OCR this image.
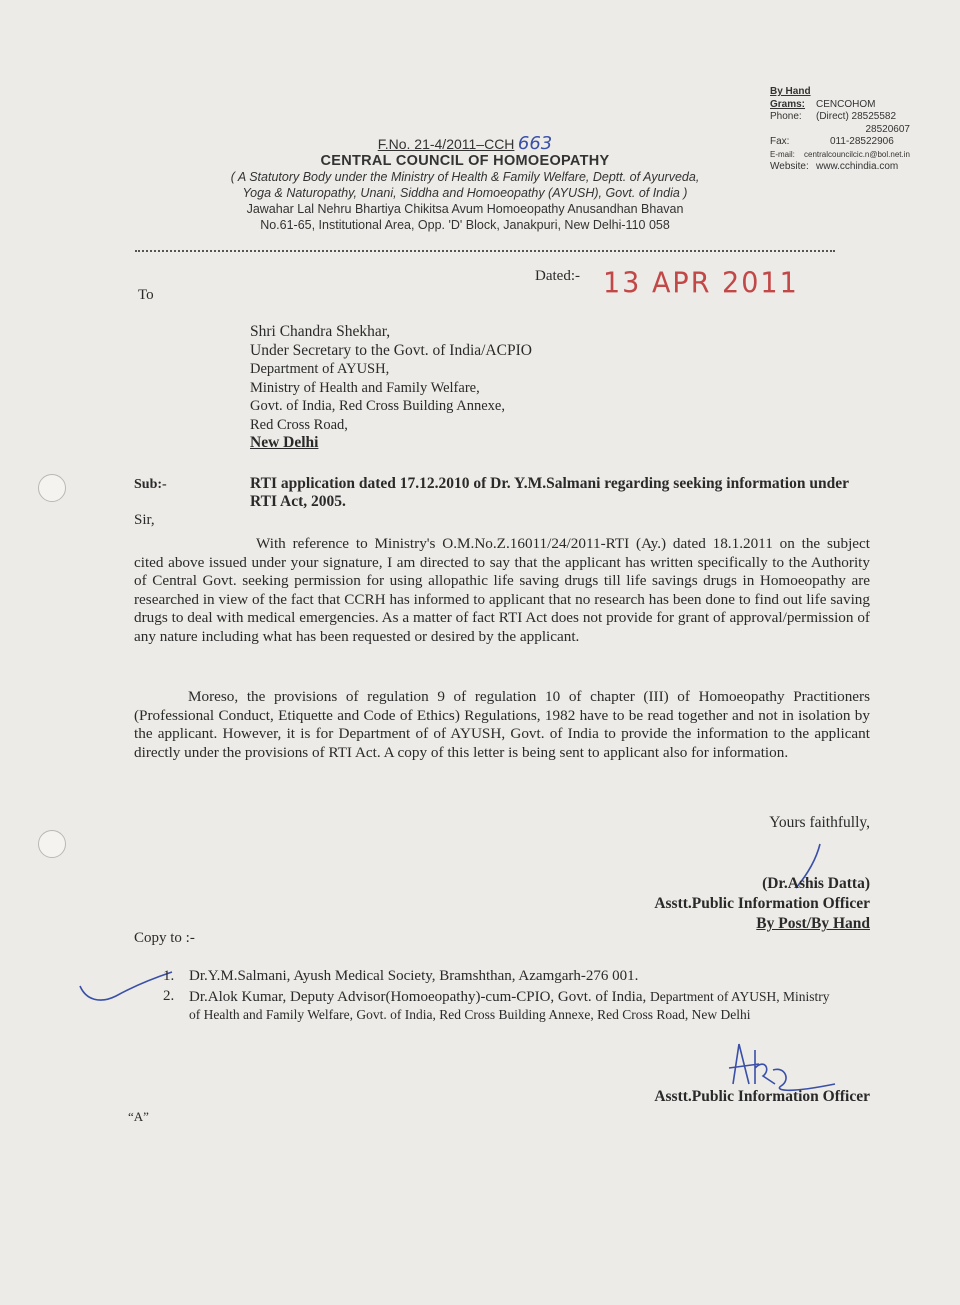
By Hand
Grams:	CENCOHOM
Phone:	(Direct) 28525582
28520607
Fax:	011-28522906
E-mail:	centralcouncilcic.n@bol.net.in
Website: www.cchindia.com
F.No. 21-4/2011–CCH 663
CENTRAL COUNCIL OF HOMOEOPATHY
( A Statutory Body under the Ministry of Health & Family Welfare, Deptt. of Ayurveda,
Yoga & Naturopathy, Unani, Siddha and Homoeopathy (AYUSH), Govt. of India )
Jawahar Lal Nehru Bhartiya Chikitsa Avum Homoeopathy Anusandhan Bhavan
No.61-65, Institutional Area, Opp. 'D' Block, Janakpuri, New Delhi-110 058
Dated:- 13 APR 2011
To
Shri Chandra Shekhar,
Under Secretary to the Govt. of India/ACPIO
Department of AYUSH,
Ministry of Health and Family Welfare,
Govt. of India, Red Cross Building Annexe,
Red Cross Road,
New Delhi
Sub:-	RTI application dated 17.12.2010 of Dr. Y.M.Salmani regarding seeking information under RTI Act, 2005.
Sir,
With reference to Ministry's O.M.No.Z.16011/24/2011-RTI (Ay.) dated 18.1.2011 on the subject cited above issued under your signature, I am directed to say that the applicant has written specifically to the Authority of Central Govt. seeking permission for using allopathic life saving drugs till life savings drugs in Homoeopathy are researched in view of the fact that CCRH has informed to applicant that no research has been done to find out life saving drugs to deal with medical emergencies. As a matter of fact RTI Act does not provide for grant of approval/permission of any nature including what has been requested or desired by the applicant.
Moreso, the provisions of regulation 9 of regulation 10 of chapter (III) of Homoeopathy Practitioners (Professional Conduct, Etiquette and Code of Ethics) Regulations, 1982 have to be read together and not in isolation by the applicant. However, it is for Department of of AYUSH, Govt. of India to provide the information to the applicant directly under the provisions of RTI Act. A copy of this letter is being sent to applicant also for information.
Yours faithfully,
(Dr.Ashis Datta)
Asstt.Public Information Officer
By Post/By Hand
Copy to :-
1. Dr.Y.M.Salmani, Ayush Medical Society, Bramshthan, Azamgarh-276 001.
2. Dr.Alok Kumar, Deputy Advisor(Homoeopathy)-cum-CPIO, Govt. of India, Department of AYUSH, Ministry of Health and Family Welfare, Govt. of India, Red Cross Building Annexe, Red Cross Road, New Delhi
Asstt.Public Information Officer
“A”
